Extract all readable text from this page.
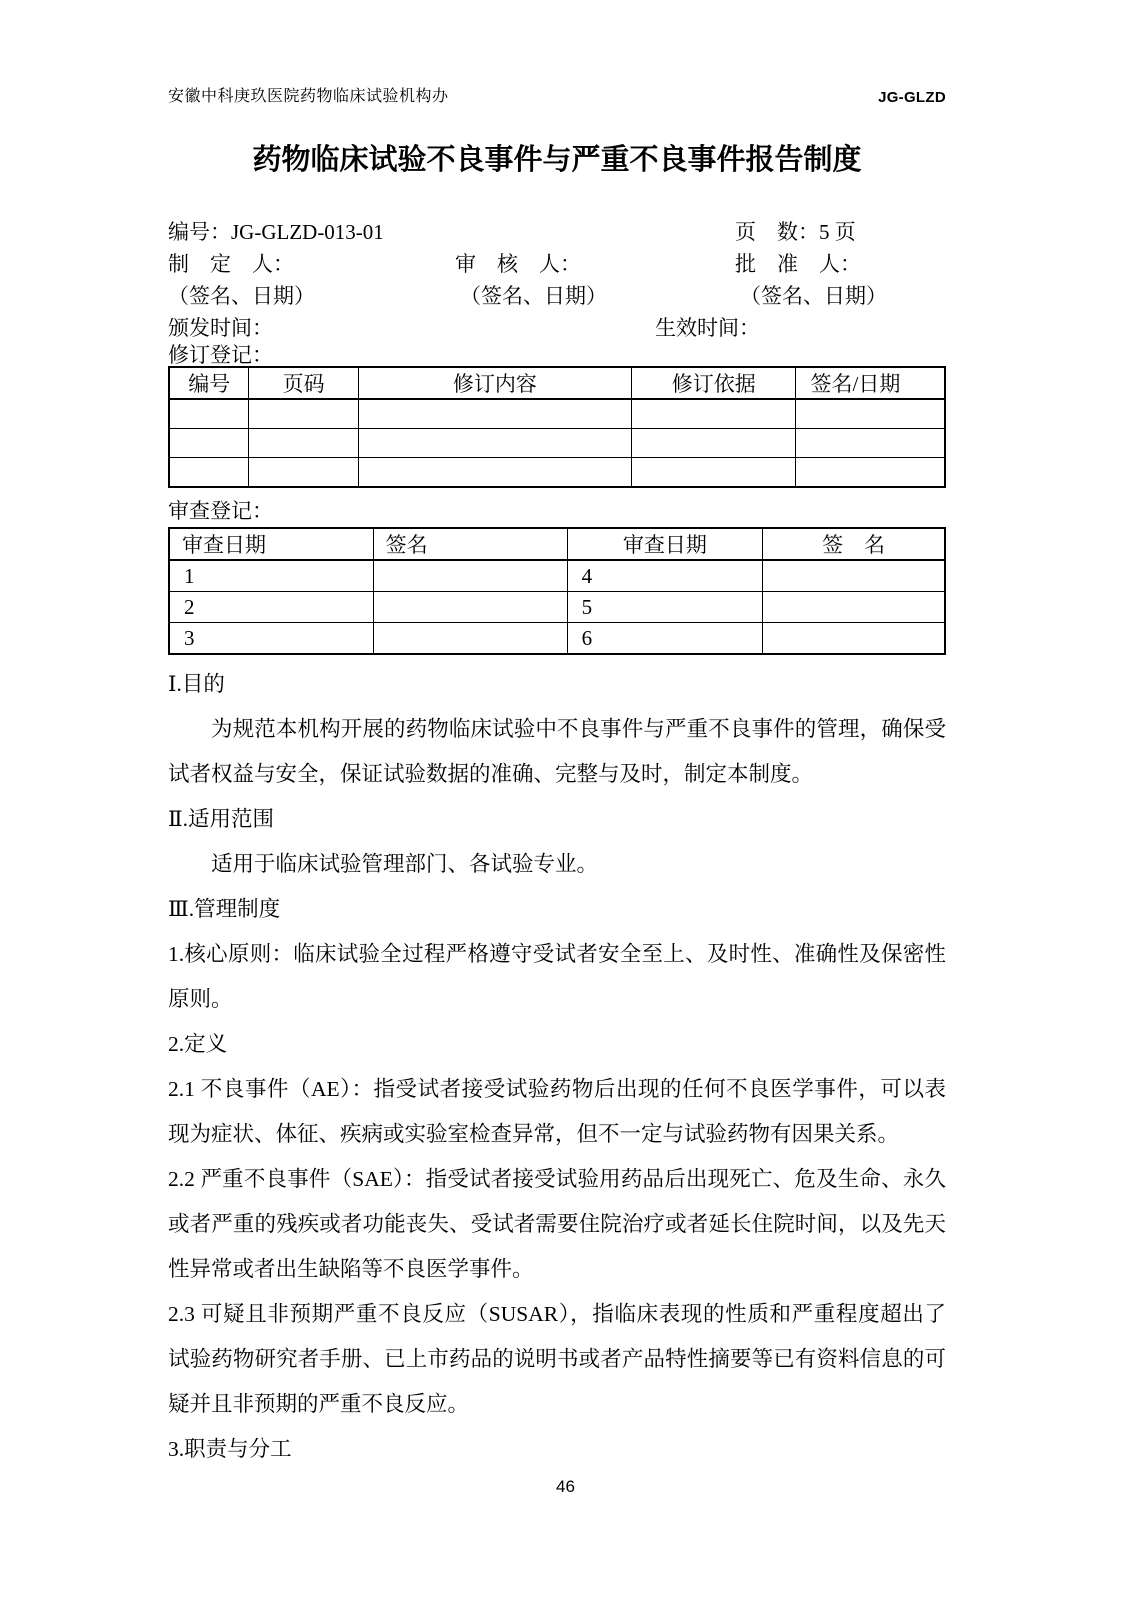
安徽中科庚玖医院药物临床试验机构办	JG-GLZD
药物临床试验不良事件与严重不良事件报告制度
编号：JG-GLZD-013-01	页　数：5 页
制　定　人：	审　核　人：	批　准　人：
（签名、日期）	（签名、日期）	（签名、日期）
颁发时间：	生效时间：
修订登记：
编号	页码	修订内容	修订依据	签名/日期

审查登记：
审查日期	签名	审查日期	签　名
1		4	
2		5	
3		6	

Ⅰ.目的

为规范本机构开展的药物临床试验中不良事件与严重不良事件的管理，确保受试者权益与安全，保证试验数据的准确、完整与及时，制定本制度。

Ⅱ.适用范围

适用于临床试验管理部门、各试验专业。

Ⅲ.管理制度

1.核心原则：临床试验全过程严格遵守受试者安全至上、及时性、准确性及保密性原则。

2.定义

2.1 不良事件（AE）：指受试者接受试验药物后出现的任何不良医学事件，可以表现为症状、体征、疾病或实验室检查异常，但不一定与试验药物有因果关系。

2.2 严重不良事件（SAE）：指受试者接受试验用药品后出现死亡、危及生命、永久或者严重的残疾或者功能丧失、受试者需要住院治疗或者延长住院时间，以及先天性异常或者出生缺陷等不良医学事件。

2.3 可疑且非预期严重不良反应（SUSAR），指临床表现的性质和严重程度超出了试验药物研究者手册、已上市药品的说明书或者产品特性摘要等已有资料信息的可疑并且非预期的严重不良反应。

3.职责与分工

46
